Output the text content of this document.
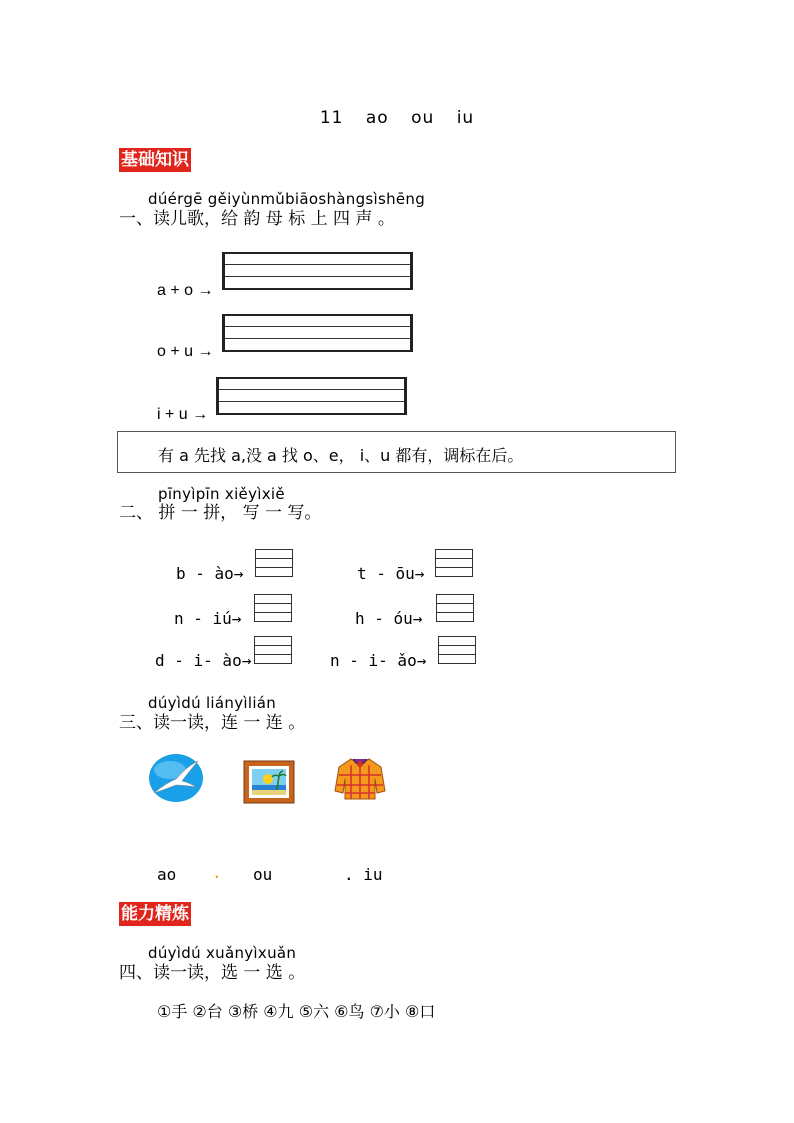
11 ao ou iu
基础知识
dúérgē gěiyùnmǔbiāoshàngsìshēng
一、读儿歌，给 韵 母 标 上 四 声 。
a + o →
o + u →
i + u →
有 a 先找 a,没 a 找 o、e， i、u 都有，调标在后。
pīnyìpīn xiěyìxiě
二、 拼 一 拼， 写 一 写。
b - ào→	t - ōu→
n - iú→	h - óu→
d - i- ào→	n - i- ǎo→
dúyìdú liányìlián
三、读一读，连 一 连 。
ao . ou	. iu
能力精炼
dúyìdú xuǎnyìxuǎn
四、读一读，选 一 选 。
①手 ②台 ③桥 ④九 ⑤六 ⑥鸟 ⑦小 ⑧口
